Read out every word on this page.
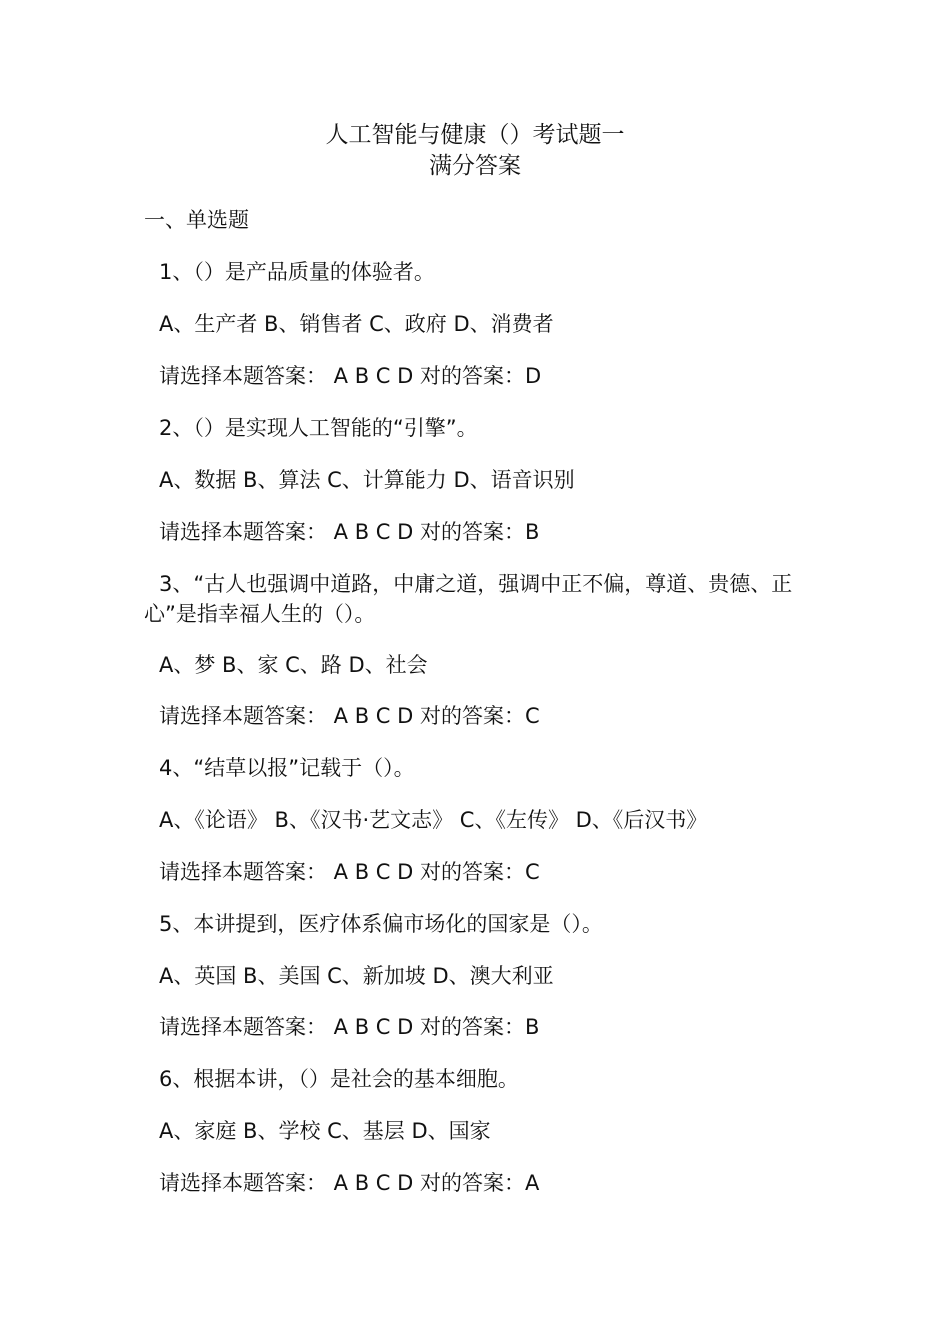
人工智能与健康（）考试题一
满分答案
一、单选题
1、（）是产品质量的体验者。
A、生产者 B、销售者 C、政府 D、消费者
请选择本题答案： A B C D 对的答案：D
2、（）是实现人工智能的“引擎”。
A、数据 B、算法 C、计算能力 D、语音识别
请选择本题答案： A B C D 对的答案：B
3、“古人也强调中道路，中庸之道，强调中正不偏，尊道、贵德、正心”是指幸福人生的（）。
A、梦 B、家 C、路 D、社会
请选择本题答案： A B C D 对的答案：C
4、“结草以报”记载于（）。
A、《论语》 B、《汉书·艺文志》 C、《左传》 D、《后汉书》
请选择本题答案： A B C D 对的答案：C
5、本讲提到，医疗体系偏市场化的国家是（）。
A、英国 B、美国 C、新加坡 D、澳大利亚
请选择本题答案： A B C D 对的答案：B
6、根据本讲，（）是社会的基本细胞。
A、家庭 B、学校 C、基层 D、国家
请选择本题答案： A B C D 对的答案：A
